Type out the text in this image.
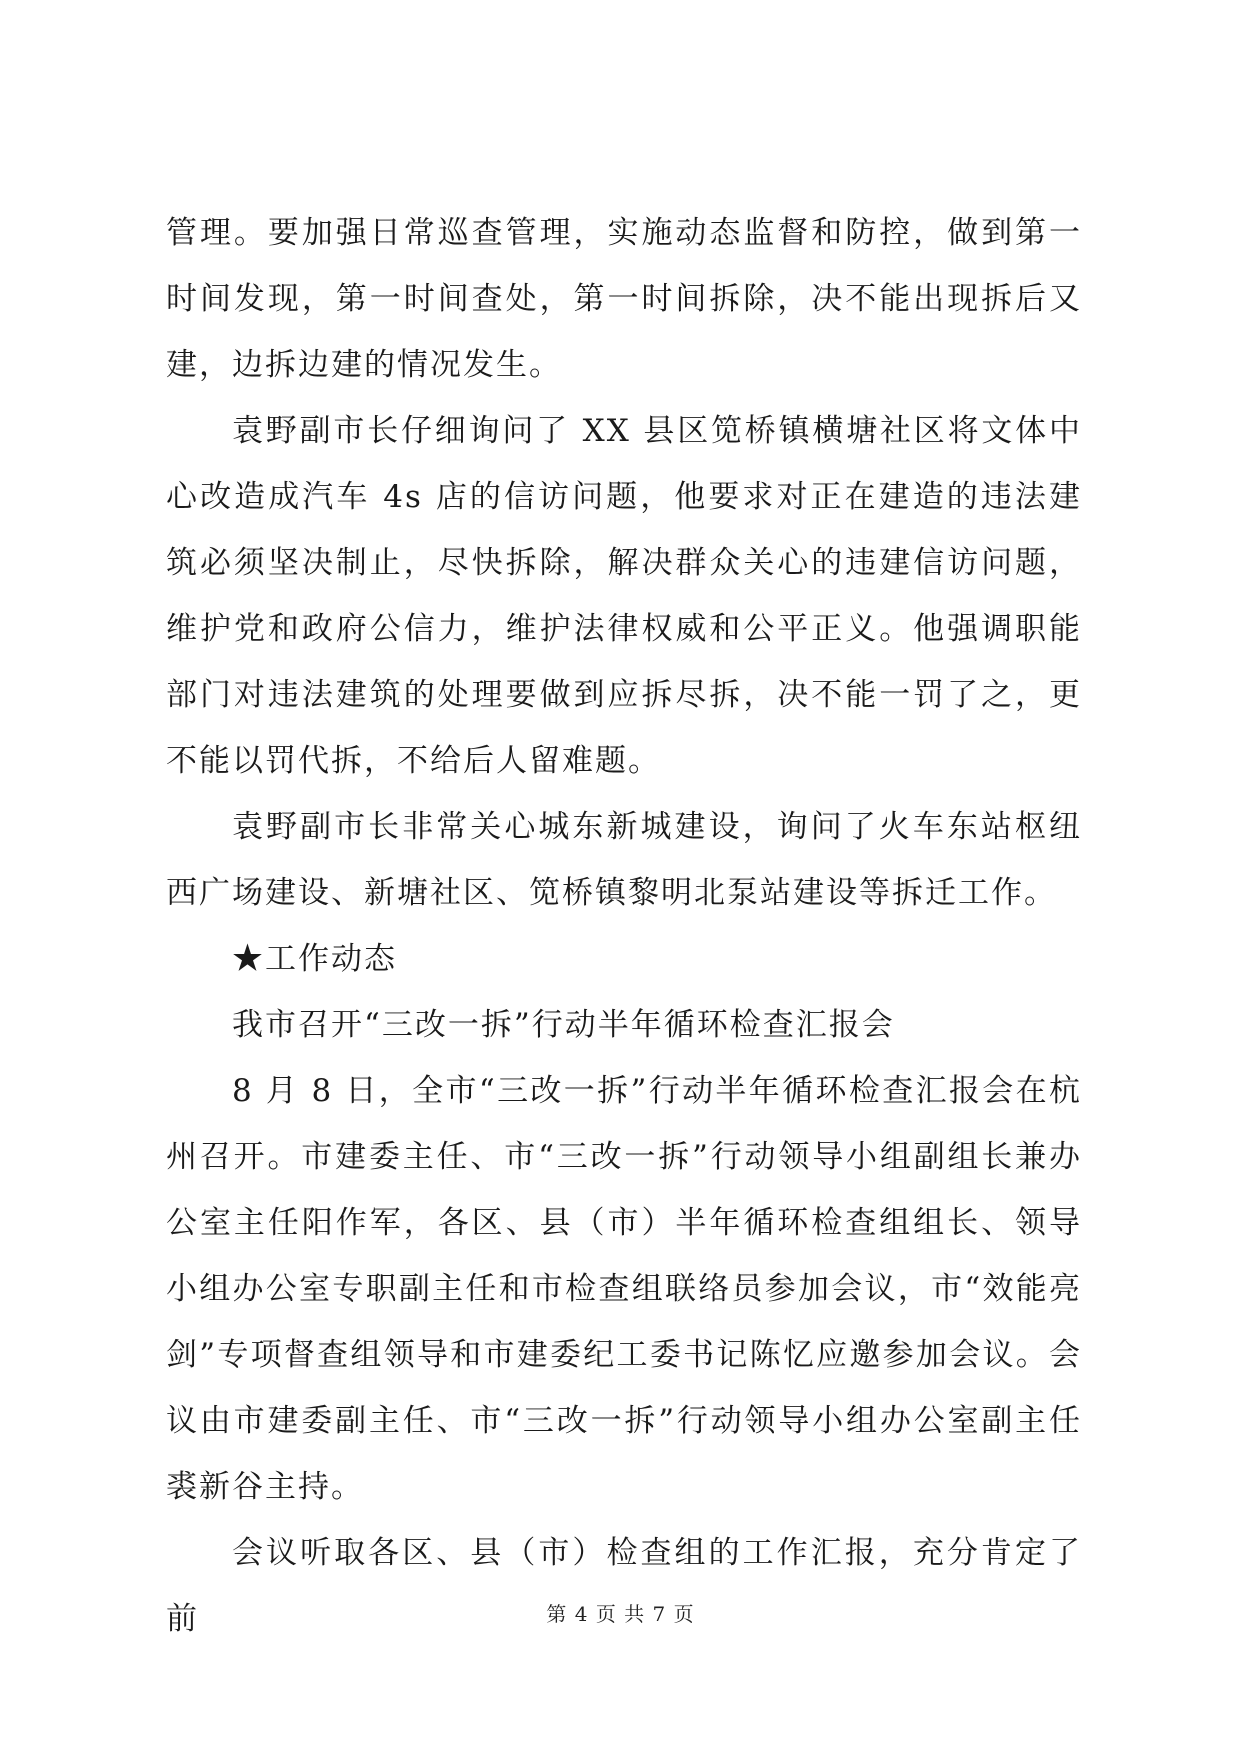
管理。要加强日常巡查管理，实施动态监督和防控，做到第一时间发现，第一时间查处，第一时间拆除，决不能出现拆后又建，边拆边建的情况发生。

袁野副市长仔细询问了 XX 县区笕桥镇横塘社区将文体中心改造成汽车 4s 店的信访问题，他要求对正在建造的违法建筑必须坚决制止，尽快拆除，解决群众关心的违建信访问题，维护党和政府公信力，维护法律权威和公平正义。他强调职能部门对违法建筑的处理要做到应拆尽拆，决不能一罚了之，更不能以罚代拆，不给后人留难题。

袁野副市长非常关心城东新城建设，询问了火车东站枢纽西广场建设、新塘社区、笕桥镇黎明北泵站建设等拆迁工作。

★工作动态

我市召开“三改一拆”行动半年循环检查汇报会

8 月 8 日，全市“三改一拆”行动半年循环检查汇报会在杭州召开。市建委主任、市“三改一拆”行动领导小组副组长兼办公室主任阳作军，各区、县（市）半年循环检查组组长、领导小组办公室专职副主任和市检查组联络员参加会议，市“效能亮剑”专项督查组领导和市建委纪工委书记陈忆应邀参加会议。会议由市建委副主任、市“三改一拆”行动领导小组办公室副主任裘新谷主持。

会议听取各区、县（市）检查组的工作汇报，充分肯定了前	第 4 页 共 7 页
